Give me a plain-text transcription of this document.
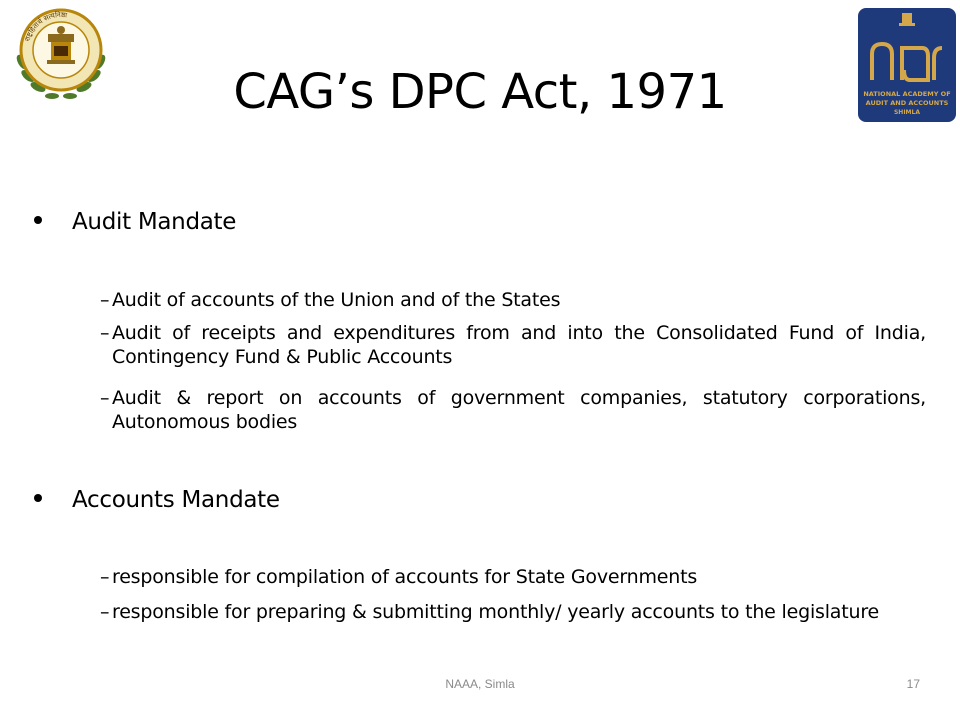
राष्ट्रहितार्थ सत्यनिष्ठा
NATIONAL ACADEMY OF
AUDIT AND ACCOUNTS
SHIMLA
CAG’s DPC Act, 1971
Audit Mandate
– Audit of accounts of the Union and of the States
– Audit of receipts and expenditures from and into the Consolidated Fund of India, Contingency Fund & Public Accounts
– Audit & report on accounts of government companies, statutory corporations, Autonomous bodies
Accounts Mandate
– responsible for compilation of accounts for State Governments
– responsible for preparing & submitting monthly/ yearly accounts to the legislature
NAAA, Simla	17
